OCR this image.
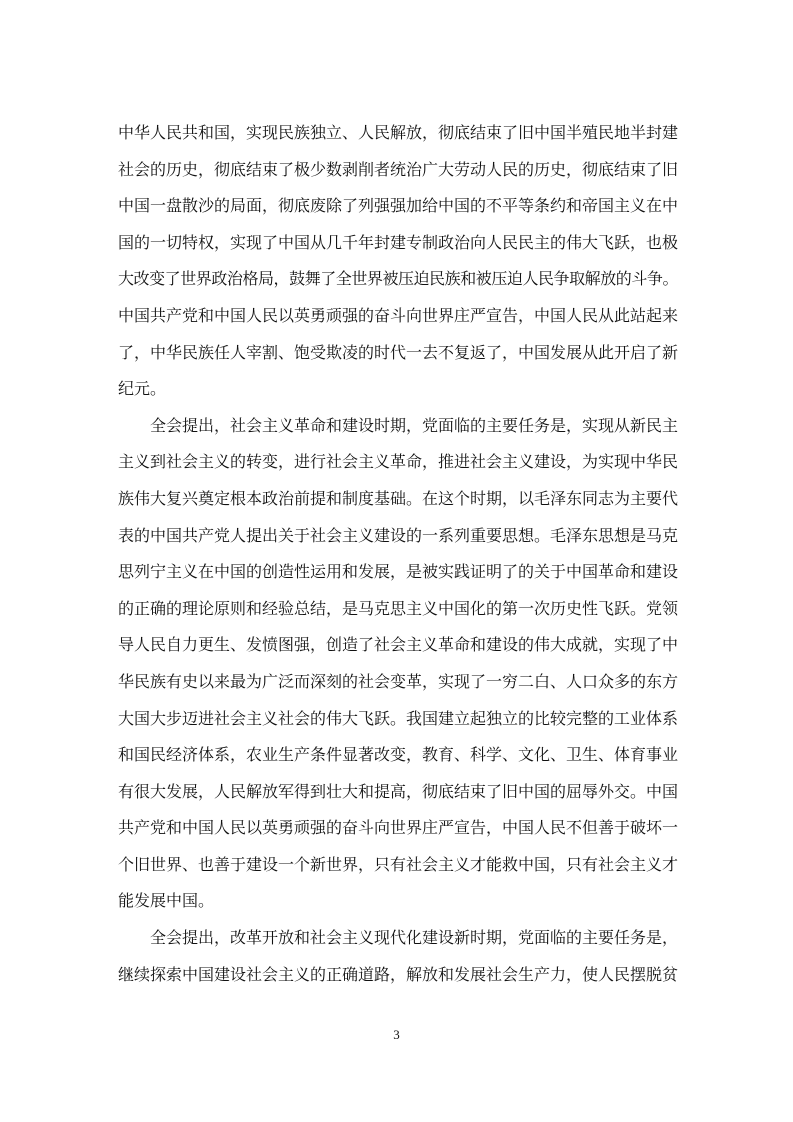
中华人民共和国，实现民族独立、人民解放，彻底结束了旧中国半殖民地半封建
社会的历史，彻底结束了极少数剥削者统治广大劳动人民的历史，彻底结束了旧
中国一盘散沙的局面，彻底废除了列强强加给中国的不平等条约和帝国主义在中
国的一切特权，实现了中国从几千年封建专制政治向人民民主的伟大飞跃，也极
大改变了世界政治格局，鼓舞了全世界被压迫民族和被压迫人民争取解放的斗争。
中国共产党和中国人民以英勇顽强的奋斗向世界庄严宣告，中国人民从此站起来
了，中华民族任人宰割、饱受欺凌的时代一去不复返了，中国发展从此开启了新
纪元。
全会提出，社会主义革命和建设时期，党面临的主要任务是，实现从新民主
主义到社会主义的转变，进行社会主义革命，推进社会主义建设，为实现中华民
族伟大复兴奠定根本政治前提和制度基础。在这个时期，以毛泽东同志为主要代
表的中国共产党人提出关于社会主义建设的一系列重要思想。毛泽东思想是马克
思列宁主义在中国的创造性运用和发展，是被实践证明了的关于中国革命和建设
的正确的理论原则和经验总结，是马克思主义中国化的第一次历史性飞跃。党领
导人民自力更生、发愤图强，创造了社会主义革命和建设的伟大成就，实现了中
华民族有史以来最为广泛而深刻的社会变革，实现了一穷二白、人口众多的东方
大国大步迈进社会主义社会的伟大飞跃。我国建立起独立的比较完整的工业体系
和国民经济体系，农业生产条件显著改变，教育、科学、文化、卫生、体育事业
有很大发展，人民解放军得到壮大和提高，彻底结束了旧中国的屈辱外交。中国
共产党和中国人民以英勇顽强的奋斗向世界庄严宣告，中国人民不但善于破坏一
个旧世界、也善于建设一个新世界，只有社会主义才能救中国，只有社会主义才
能发展中国。
全会提出，改革开放和社会主义现代化建设新时期，党面临的主要任务是，
继续探索中国建设社会主义的正确道路，解放和发展社会生产力，使人民摆脱贫
3
